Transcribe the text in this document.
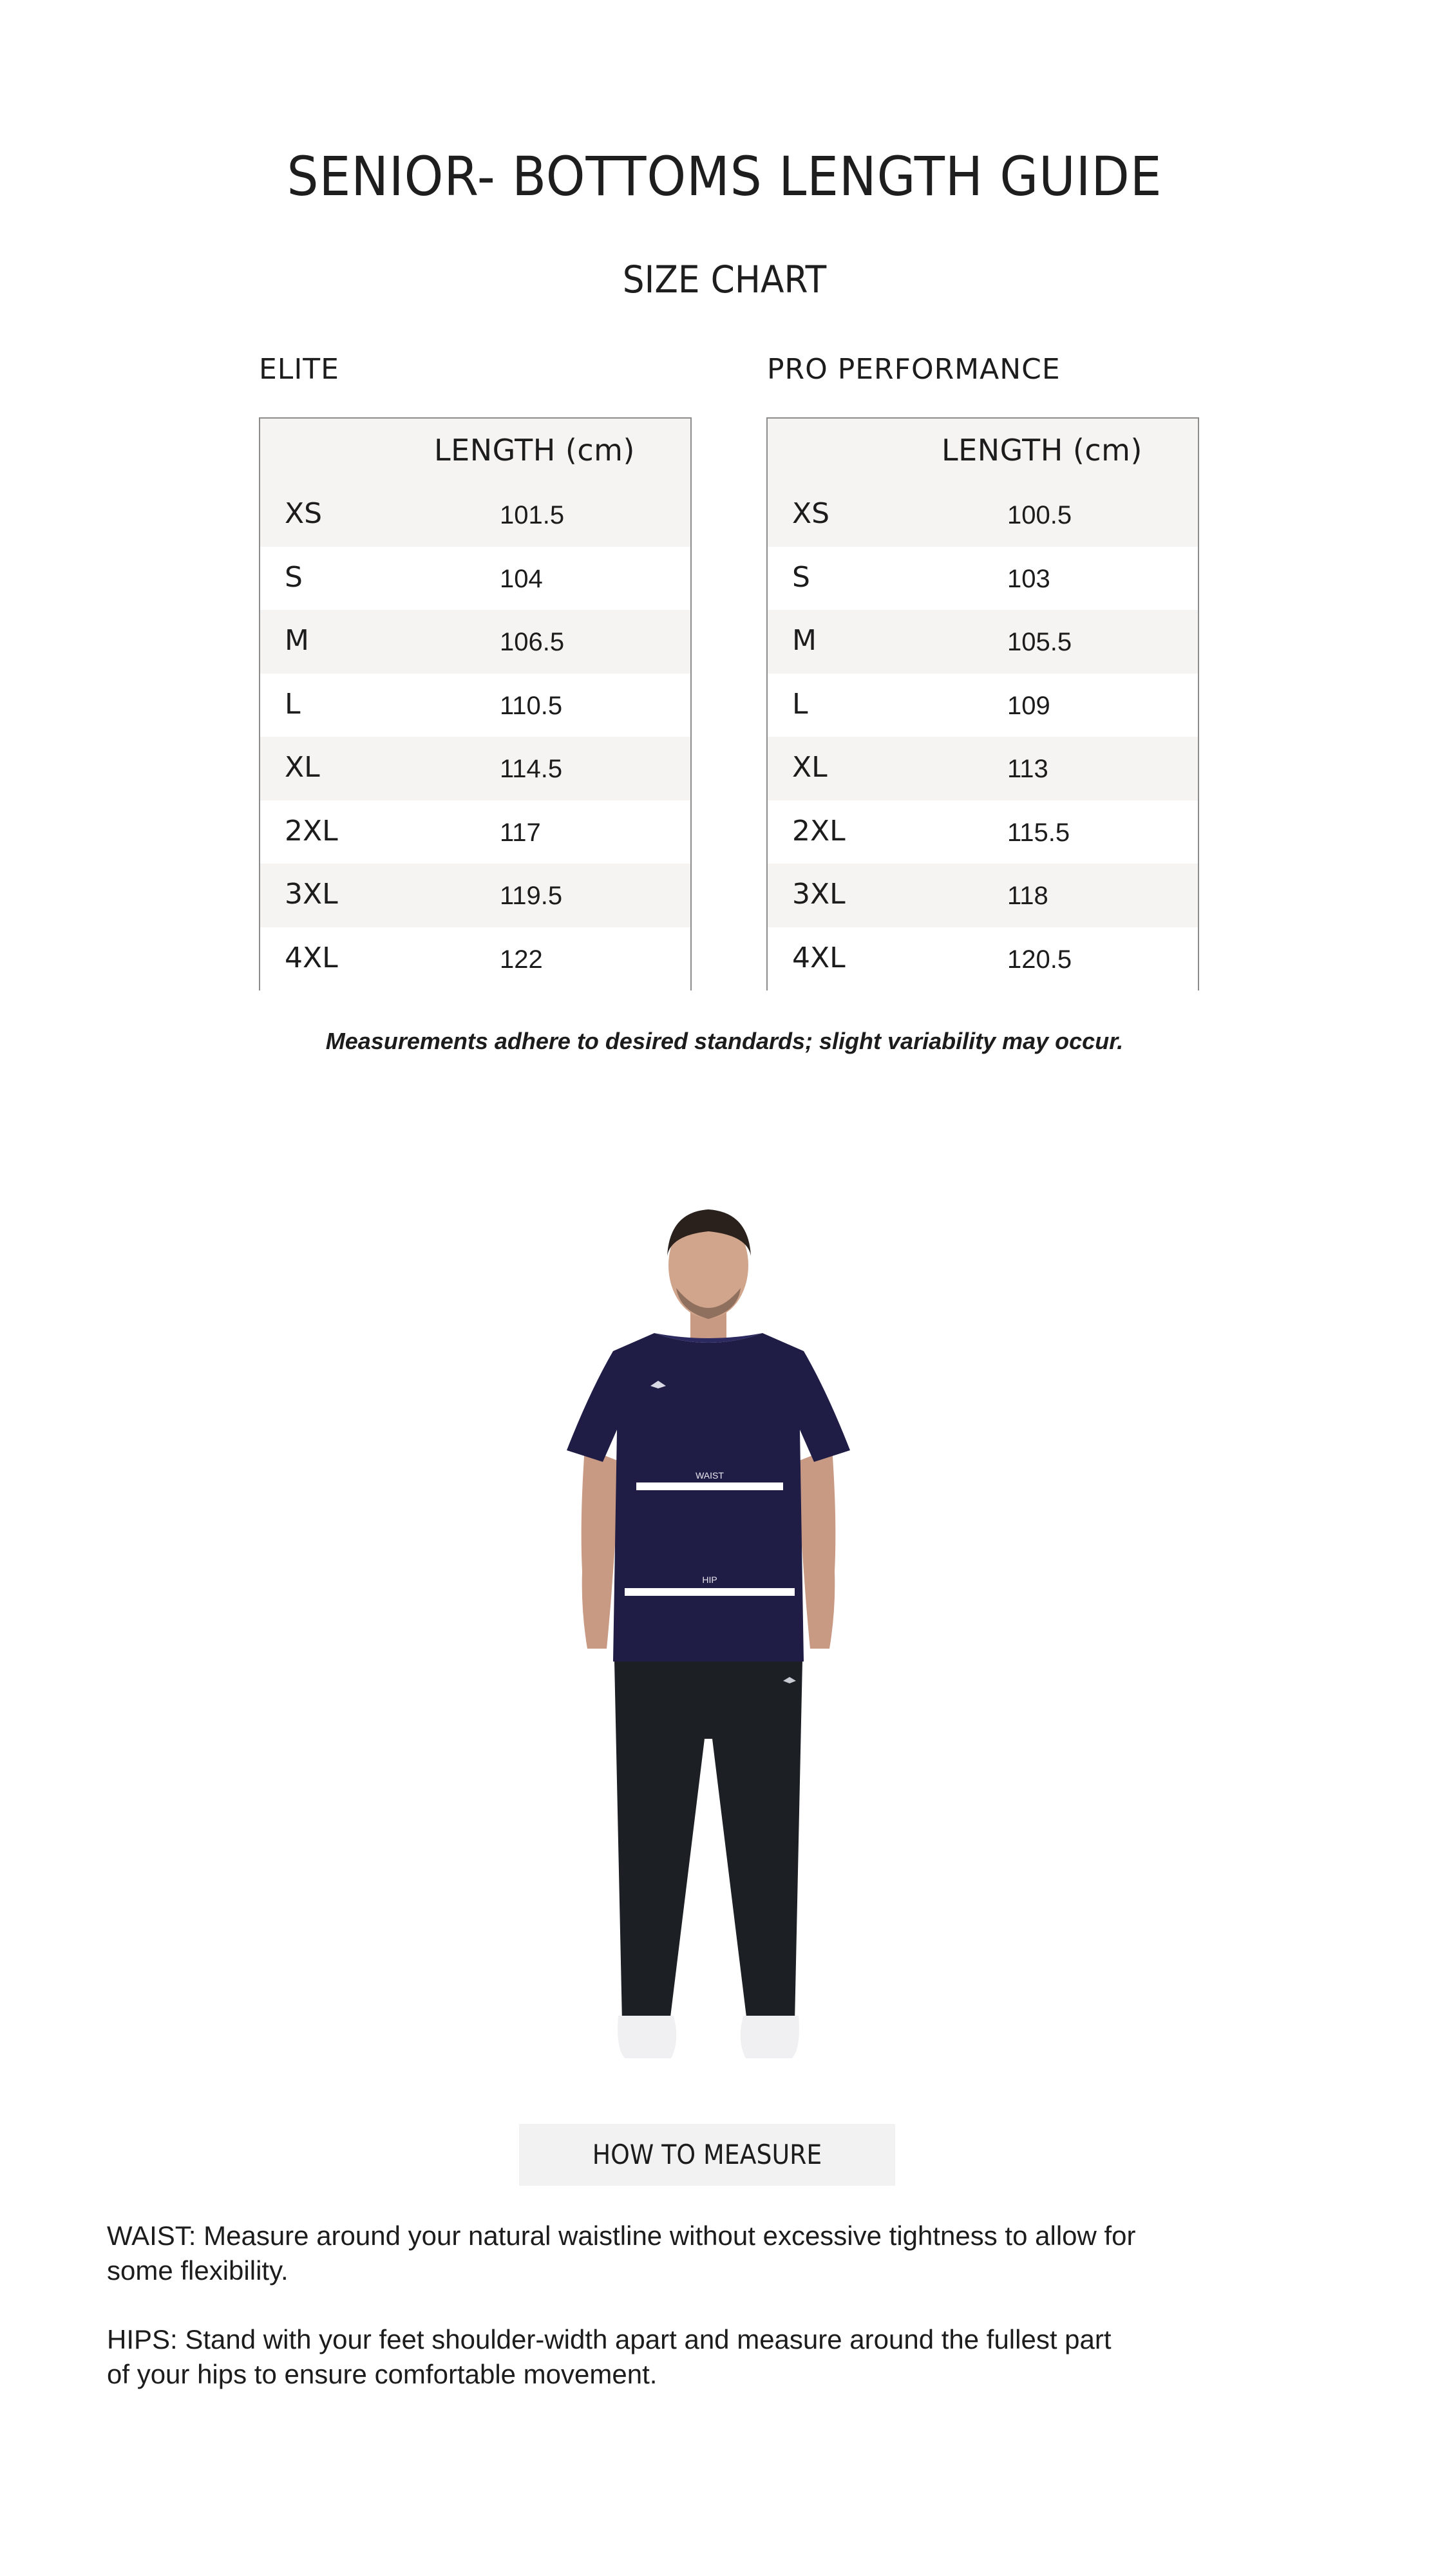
SENIOR- BOTTOMS LENGTH GUIDE
SIZE CHART
ELITE	PRO PERFORMANCE
LENGTH (cm)
XS	101.5
S	104
M	106.5
L	110.5
XL	114.5
2XL	117
3XL	119.5
4XL	122
LENGTH (cm)
XS	100.5
S	103
M	105.5
L	109
XL	113
2XL	115.5
3XL	118
4XL	120.5
Measurements adhere to desired standards; slight variability may occur.
WAIST
HIP
HOW TO MEASURE
WAIST: Measure around your natural waistline without excessive tightness to allow for some flexibility.
HIPS: Stand with your feet shoulder-width apart and measure around the fullest part of your hips to ensure comfortable movement.
